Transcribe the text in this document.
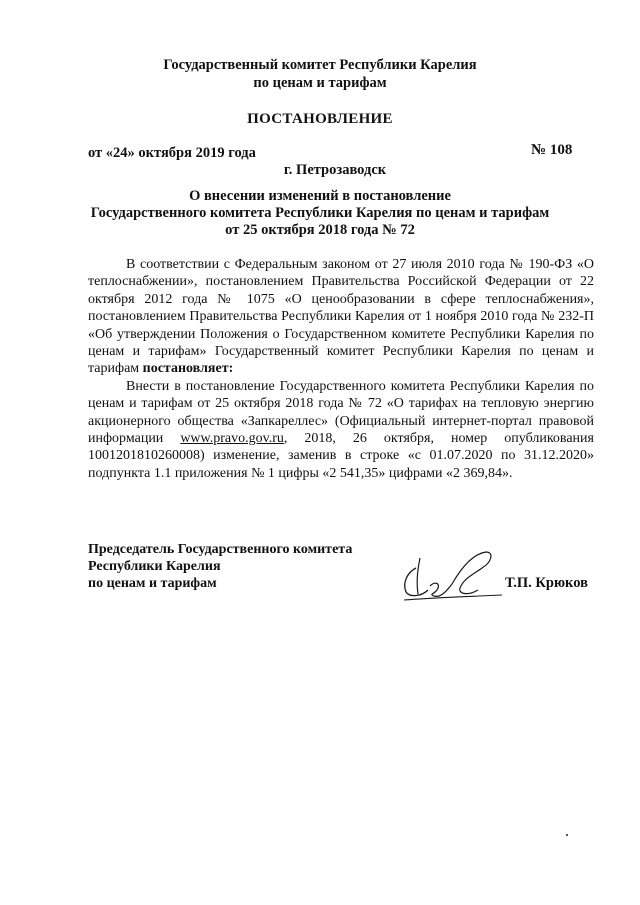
Государственный комитет Республики Карелия
по ценам и тарифам
ПОСТАНОВЛЕНИЕ
от «24» октября 2019 года	№ 108
г. Петрозаводск
О внесении изменений в постановление
Государственного комитета Республики Карелия по ценам и тарифам
от 25 октября 2018 года № 72

В соответствии с Федеральным законом от 27 июля 2010 года № 190-ФЗ «О теплоснабжении», постановлением Правительства Российской Федерации от 22 октября 2012 года № 1075 «О ценообразовании в сфере теплоснабжения», постановлением Правительства Республики Карелия от 1 ноября 2010 года № 232-П «Об утверждении Положения о Государственном комитете Республики Карелия по ценам и тарифам» Государственный комитет Республики Карелия по ценам и тарифам постановляет:

Внести в постановление Государственного комитета Республики Карелия по ценам и тарифам от 25 октября 2018 года № 72 «О тарифах на тепловую энергию акционерного общества «Запкареллес» (Официальный интернет-портал правовой информации www.pravo.gov.ru, 2018, 26 октября, номер опубликования 1001201810260008) изменение, заменив в строке «с 01.07.2020 по 31.12.2020» подпункта 1.1 приложения № 1 цифры «2 541,35» цифрами «2 369,84».

Председатель Государственного комитета
Республики Карелия
по ценам и тарифам	Т.П. Крюков
